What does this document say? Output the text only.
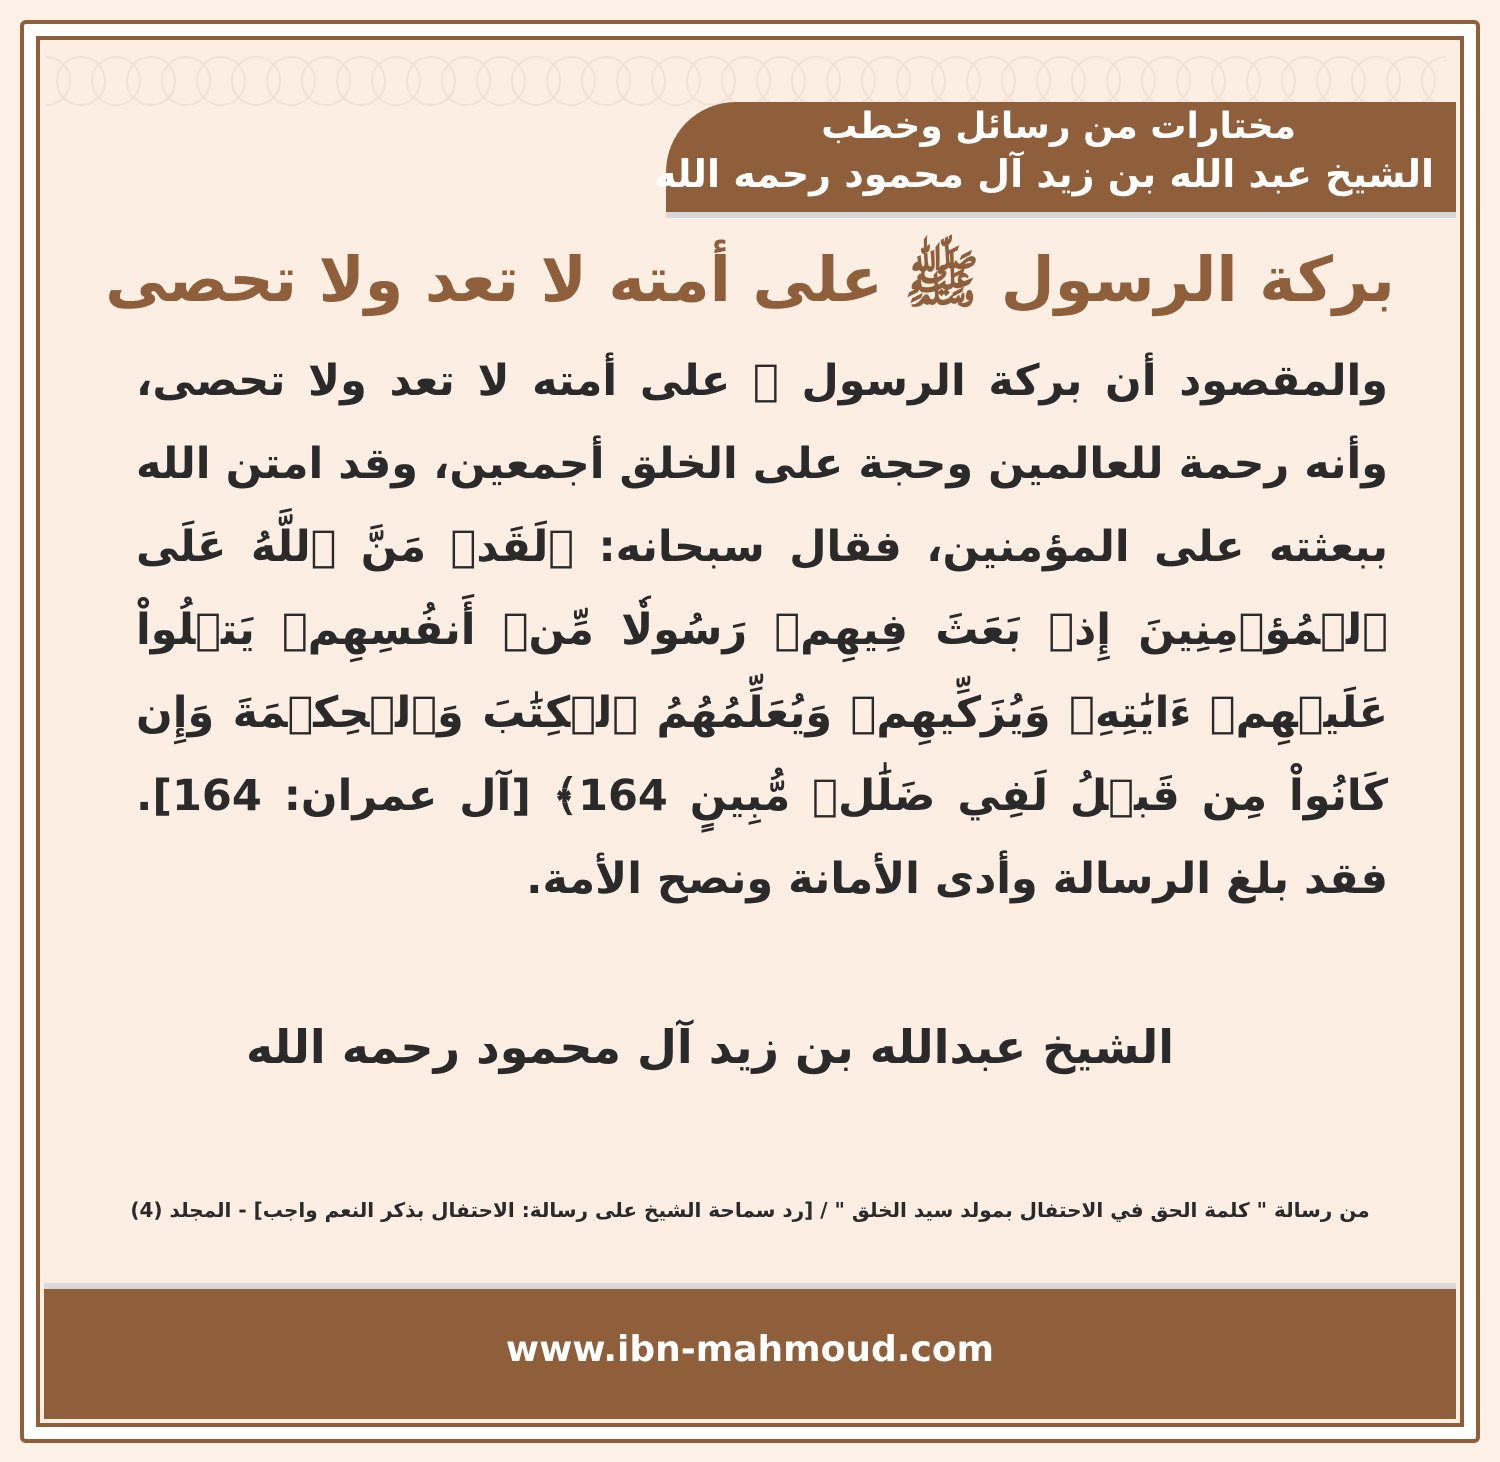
مختارات من رسائل وخطب
الشيخ عبد الله بن زيد آل محمود رحمه الله
بركة الرسول ﷺ على أمته لا تعد ولا تحصى
والمقصود أن بركة الرسول ﷺ على أمته لا تعد ولا تحصى، وأنه رحمة للعالمين وحجة على الخلق أجمعين، وقد امتن الله ببعثته على المؤمنين، فقال سبحانه: ﴿لَقَدۡ مَنَّ ٱللَّهُ عَلَى ٱلۡمُؤۡمِنِينَ إِذۡ بَعَثَ فِيهِمۡ رَسُولٗا مِّنۡ أَنفُسِهِمۡ يَتۡلُواْ عَلَيۡهِمۡ ءَايَٰتِهِۦ وَيُزَكِّيهِمۡ وَيُعَلِّمُهُمُ ٱلۡكِتَٰبَ وَٱلۡحِكۡمَةَ وَإِن كَانُواْ مِن قَبۡلُ لَفِي ضَلَٰلٖ مُّبِينٍ 164﴾ [آل عمران: 164]. فقد بلغ الرسالة وأدى الأمانة ونصح الأمة.
الشيخ عبدالله بن زيد آل محمود رحمه الله
من رسالة " كلمة الحق في الاحتفال بمولد سيد الخلق " / [رد سماحة الشيخ على رسالة: الاحتفال بذكر النعم واجب] - المجلد (4)
www.ibn-mahmoud.com
